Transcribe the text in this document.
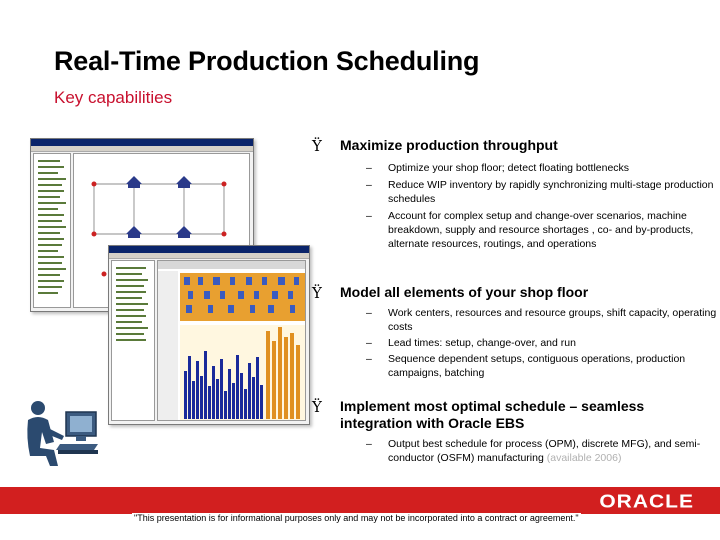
Real-Time Production Scheduling
Key capabilities
Ÿ Maximize production throughput
– Optimize your shop floor; detect floating bottlenecks
– Reduce WIP inventory by rapidly synchronizing multi-stage production schedules
– Account for complex setup and change-over scenarios, machine breakdown, supply and resource shortages , co- and by-products, alternate resources, routings, and operations
Ÿ Model all elements of your shop floor
– Work centers, resources and resource groups, shift capacity, operating costs
– Lead times: setup, change-over, and run
– Sequence dependent setups, contiguous operations, production campaigns, batching
Ÿ Implement most optimal schedule – seamless integration with Oracle EBS
– Output best schedule for process (OPM), discrete MFG), and semi-conductor (OSFM) manufacturing (available 2006)
ORACLE
"This presentation is for informational purposes only and may not be incorporated into a contract or agreement."
